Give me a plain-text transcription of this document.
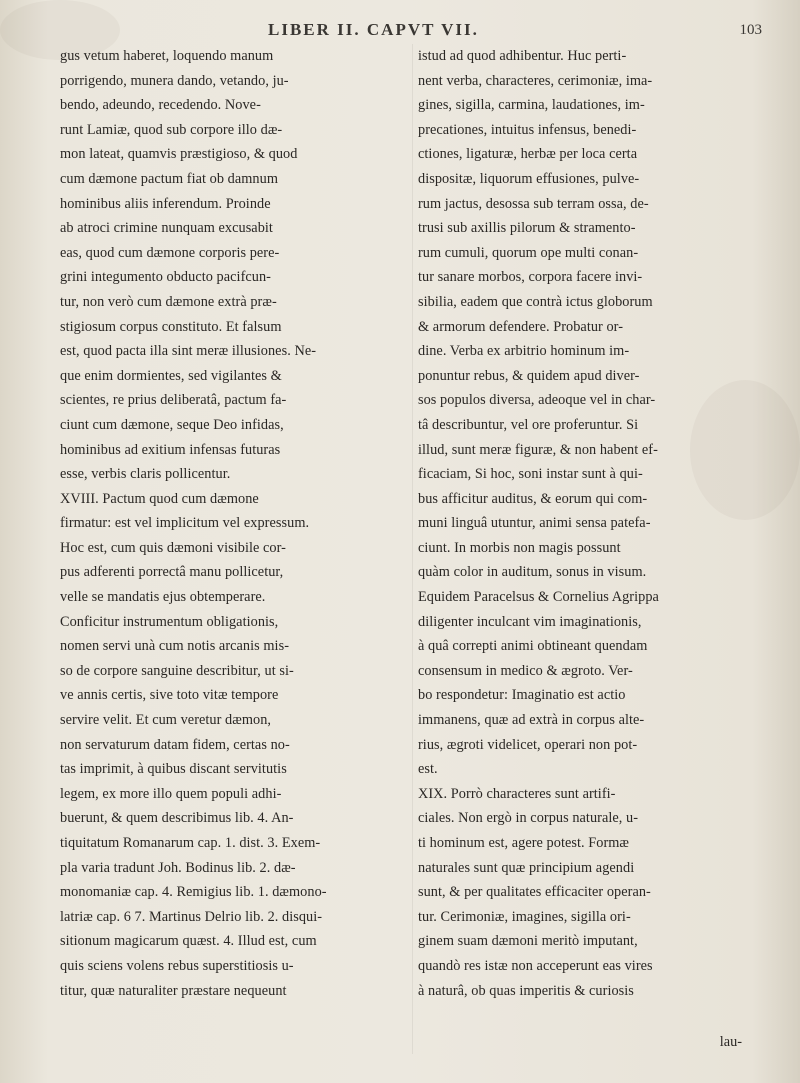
LIBER II. CAPVT VII.	103
gus vetum haberet, loquendo manum
porrigendo, munera dando, vetando, ju-
bendo, adeundo, recedendo. Nove-
runt Lamiæ, quod sub corpore illo dæ-
mon lateat, quamvis præstigioso, & quod
cum dæmone pactum fiat ob damnum
hominibus aliis inferendum. Proinde
ab atroci crimine nunquam excusabit
eas, quod cum dæmone corporis pere-
grini integumento obducto pacifcun-
tur, non verò cum dæmone extrà præ-
stigiosum corpus constituto. Et falsum
est, quod pacta illa sint meræ illusiones. Ne-
que enim dormientes, sed vigilantes &
scientes, re prius deliberatâ, pactum fa-
ciunt cum dæmone, seque Deo infidas,
hominibus ad exitium infensas futuras
esse, verbis claris pollicentur.
XVIII. Pactum quod cum dæmone
firmatur: est vel implicitum vel expressum.
Hoc est, cum quis dæmoni visibile cor-
pus adferenti porrectâ manu pollicetur,
velle se mandatis ejus obtemperare.
Conficitur instrumentum obligationis,
nomen servi unà cum notis arcanis mis-
so de corpore sanguine describitur, ut si-
ve annis certis, sive toto vitæ tempore
servire velit. Et cum veretur dæmon,
non servaturum datam fidem, certas no-
tas imprimit, à quibus discant servitutis
legem, ex more illo quem populi adhi-
buerunt, & quem describimus lib. 4. An-
tiquitatum Romanarum cap. 1. dist. 3. Exem-
pla varia tradunt Joh. Bodinus lib. 2. dæ-
monomaniæ cap. 4. Remigius lib. 1. dæmono-
latriæ cap. 6 7. Martinus Delrio lib. 2. disqui-
sitionum magicarum quæst. 4. Illud est, cum
quis sciens volens rebus superstitiosis u-
titur, quæ naturaliter præstare nequeunt
istud ad quod adhibentur. Huc perti-
nent verba, characteres, cerimoniæ, ima-
gines, sigilla, carmina, laudationes, im-
precationes, intuitus infensus, benedi-
ctiones, ligaturæ, herbæ per loca certa
dispositæ, liquorum effusiones, pulve-
rum jactus, desossa sub terram ossa, de-
trusi sub axillis pilorum & stramento-
rum cumuli, quorum ope multi conan-
tur sanare morbos, corpora facere invi-
sibilia, eadem que contrà ictus globorum
& armorum defendere. Probatur or-
dine. Verba ex arbitrio hominum im-
ponuntur rebus, & quidem apud diver-
sos populos diversa, adeoque vel in char-
tâ describuntur, vel ore proferuntur. Si
illud, sunt meræ figuræ, & non habent ef-
ficaciam, Si hoc, soni instar sunt à qui-
bus afficitur auditus, & eorum qui com-
muni linguâ utuntur, animi sensa patefa-
ciunt. In morbis non magis possunt
quàm color in auditum, sonus in visum.
Equidem Paracelsus & Cornelius Agrippa
diligenter inculcant vim imaginationis,
à quâ correpti animi obtineant quendam
consensum in medico & ægroto. Ver-
bo respondetur: Imaginatio est actio
immanens, quæ ad extrà in corpus alte-
rius, ægroti videlicet, operari non pot-
est.
XIX. Porrò characteres sunt artifi-
ciales. Non ergò in corpus naturale, u-
ti hominum est, agere potest. Formæ
naturales sunt quæ principium agendi
sunt, & per qualitates efficaciter operan-
tur. Cerimoniæ, imagines, sigilla ori-
ginem suam dæmoni meritò imputant,
quandò res istæ non acceperunt eas vires
à naturâ, ob quas imperitis & curiosis
lau-
